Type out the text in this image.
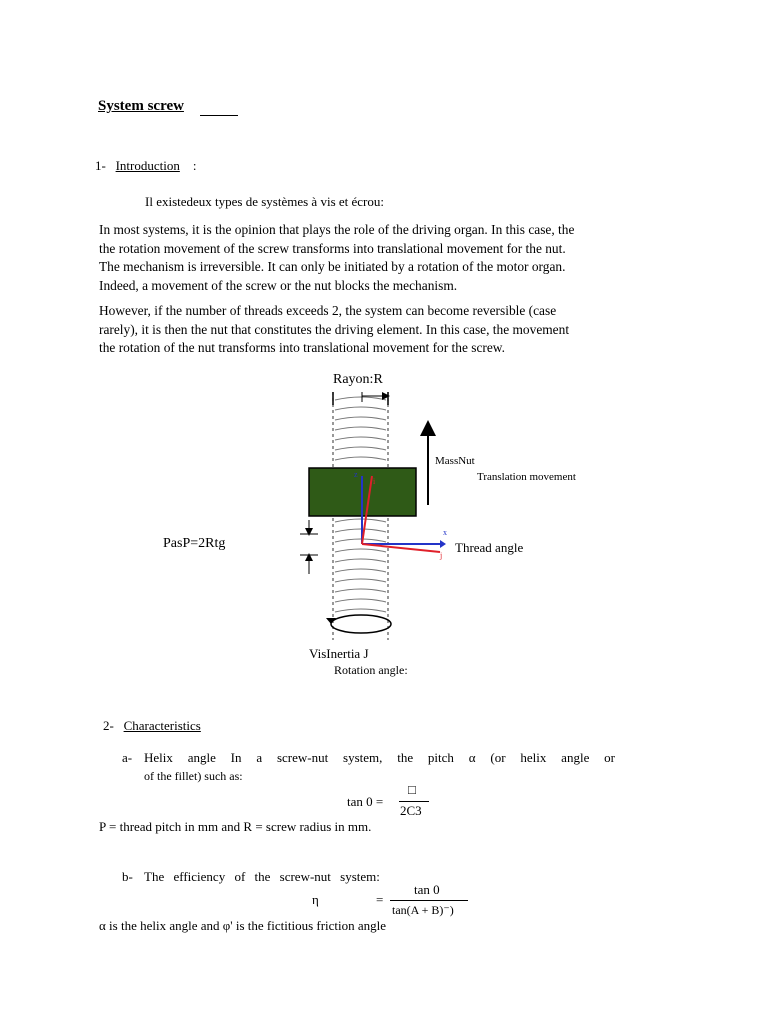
System screw
1- Introduction :
Il existedeux types de systèmes à vis et écrou:
In most systems, it is the opinion that plays the role of the driving organ. In this case, the
the rotation movement of the screw transforms into translational movement for the nut.
The mechanism is irreversible. It can only be initiated by a rotation of the motor organ.
Indeed, a movement of the screw or the nut blocks the mechanism.
However, if the number of threads exceeds 2, the system can become reversible (case
rarely), it is then the nut that constitutes the driving element. In this case, the movement
the rotation of the nut transforms into translational movement for the screw.
Rayon:R
MassNut
Translation movement
PasP=2Rtg	Thread angle
VisInertia J
Rotation angle:
z
x
i
j
2- Characteristics
a- Helix angle In a screw-nut system, the pitch α (or helix angle or
of the fillet) such as:
tan 0 =
□
2C3
P = thread pitch in mm and R = screw radius in mm.
b- The efficiency of the screw-nut system:
tan 0
η	=
tan(A + B)⁻)
α is the helix angle and φ' is the fictitious friction angle
